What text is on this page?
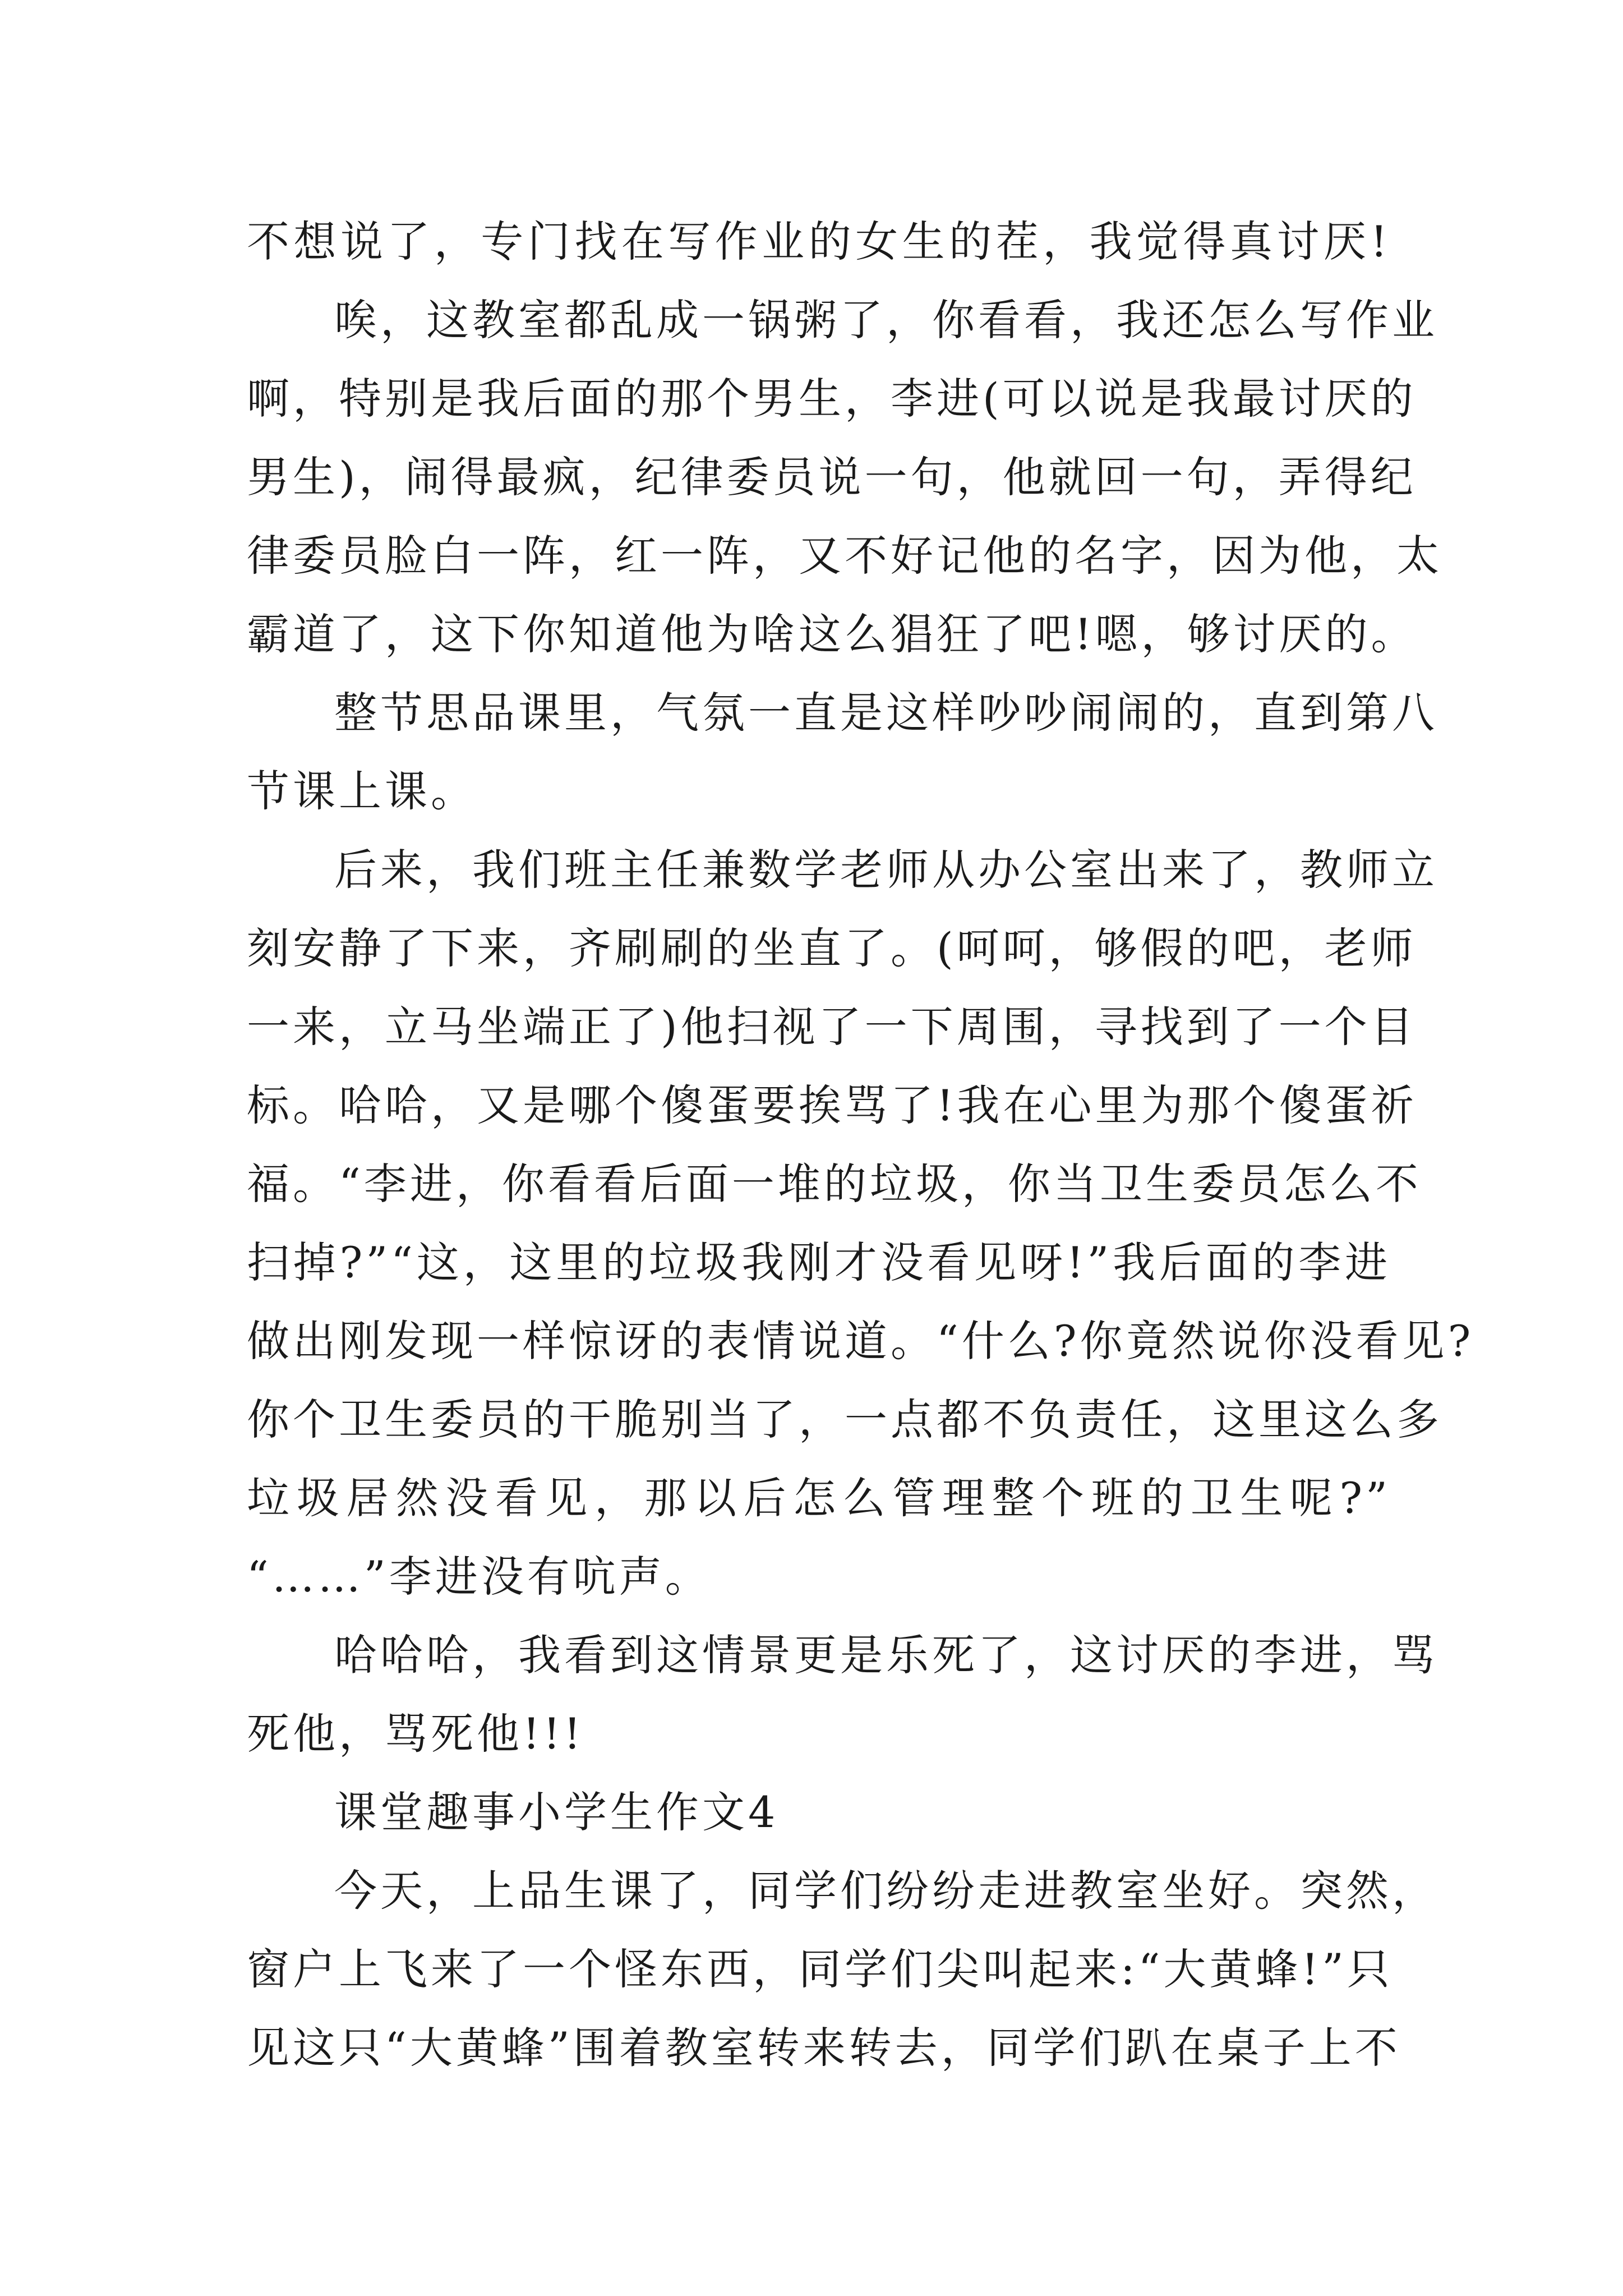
不想说了，专门找在写作业的女生的茬，我觉得真讨厌!
唉，这教室都乱成一锅粥了，你看看，我还怎么写作业
啊，特别是我后面的那个男生，李进(可以说是我最讨厌的
男生)，闹得最疯，纪律委员说一句，他就回一句，弄得纪
律委员脸白一阵，红一阵，又不好记他的名字，因为他，太
霸道了，这下你知道他为啥这么猖狂了吧!嗯，够讨厌的。
整节思品课里，气氛一直是这样吵吵闹闹的，直到第八
节课上课。
后来，我们班主任兼数学老师从办公室出来了，教师立
刻安静了下来，齐刷刷的坐直了。(呵呵，够假的吧，老师
一来，立马坐端正了)他扫视了一下周围，寻找到了一个目
标。哈哈，又是哪个傻蛋要挨骂了!我在心里为那个傻蛋祈
福。“李进，你看看后面一堆的垃圾，你当卫生委员怎么不
扫掉?”“这，这里的垃圾我刚才没看见呀!”我后面的李进
做出刚发现一样惊讶的表情说道。“什么?你竟然说你没看见?
你个卫生委员的干脆别当了，一点都不负责任，这里这么多
垃圾居然没看见，那以后怎么管理整个班的卫生呢?”
“……”李进没有吭声。
哈哈哈，我看到这情景更是乐死了，这讨厌的李进，骂
死他，骂死他!!!
课堂趣事小学生作文4
今天，上品生课了，同学们纷纷走进教室坐好。突然，
窗户上飞来了一个怪东西，同学们尖叫起来:“大黄蜂!”只
见这只“大黄蜂”围着教室转来转去，同学们趴在桌子上不
